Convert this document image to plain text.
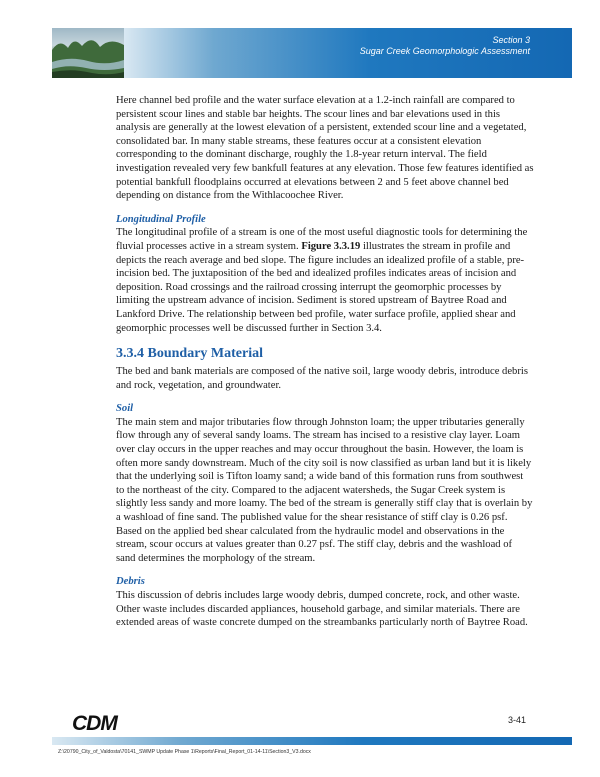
Section 3
Sugar Creek Geomorphologic Assessment

Here channel bed profile and the water surface elevation at a 1.2-inch rainfall are compared to persistent scour lines and stable bar heights. The scour lines and bar elevations used in this analysis are generally at the lowest elevation of a persistent, extended scour line and a vegetated, consolidated bar. In many stable streams, these features occur at a consistent elevation corresponding to the dominant discharge, roughly the 1.8-year return interval. The field investigation revealed very few bankfull features at any elevation. Those few features identified as potential bankfull floodplains occurred at elevations between 2 and 5 feet above channel bed depending on distance from the Withlacoochee River.

Longitudinal Profile

The longitudinal profile of a stream is one of the most useful diagnostic tools for determining the fluvial processes active in a stream system. Figure 3.3.19 illustrates the stream in profile and depicts the reach average and bed slope. The figure includes an idealized profile of a stable, pre-incision bed. The juxtaposition of the bed and idealized profiles indicates areas of incision and deposition. Road crossings and the railroad crossing interrupt the geomorphic processes by limiting the upstream advance of incision. Sediment is stored upstream of Baytree Road and Lankford Drive. The relationship between bed profile, water surface profile, applied shear and geomorphic processes well be discussed further in Section 3.4.

3.3.4 Boundary Material

The bed and bank materials are composed of the native soil, large woody debris, introduce debris and rock, vegetation, and groundwater.

Soil

The main stem and major tributaries flow through Johnston loam; the upper tributaries generally flow through any of several sandy loams. The stream has incised to a resistive clay layer. Loam over clay occurs in the upper reaches and may occur throughout the basin. However, the loam is often more sandy downstream. Much of the city soil is now classified as urban land but it is likely that the underlying soil is Tifton loamy sand; a wide band of this formation runs from southwest to the northeast of the city. Compared to the adjacent watersheds, the Sugar Creek system is slightly less sandy and more loamy. The bed of the stream is generally stiff clay that is overlain by a washload of fine sand. The published value for the shear resistance of stiff clay is 0.26 psf. Based on the applied bed shear calculated from the hydraulic model and observations in the stream, scour occurs at values greater than 0.27 psf. The stiff clay, debris and the washload of sand determines the morphology of the stream.

Debris

This discussion of debris includes large woody debris, dumped concrete, rock, and other waste. Other waste includes discarded appliances, household garbage, and similar materials. There are extended areas of waste concrete dumped on the streambanks particularly north of Baytree Road.

CDM	3-41
Z:\20790_City_of_Valdosta\70141_SWMP Update Phase 1\Reports\Final_Report_01-14-11\Section3_V3.docx
